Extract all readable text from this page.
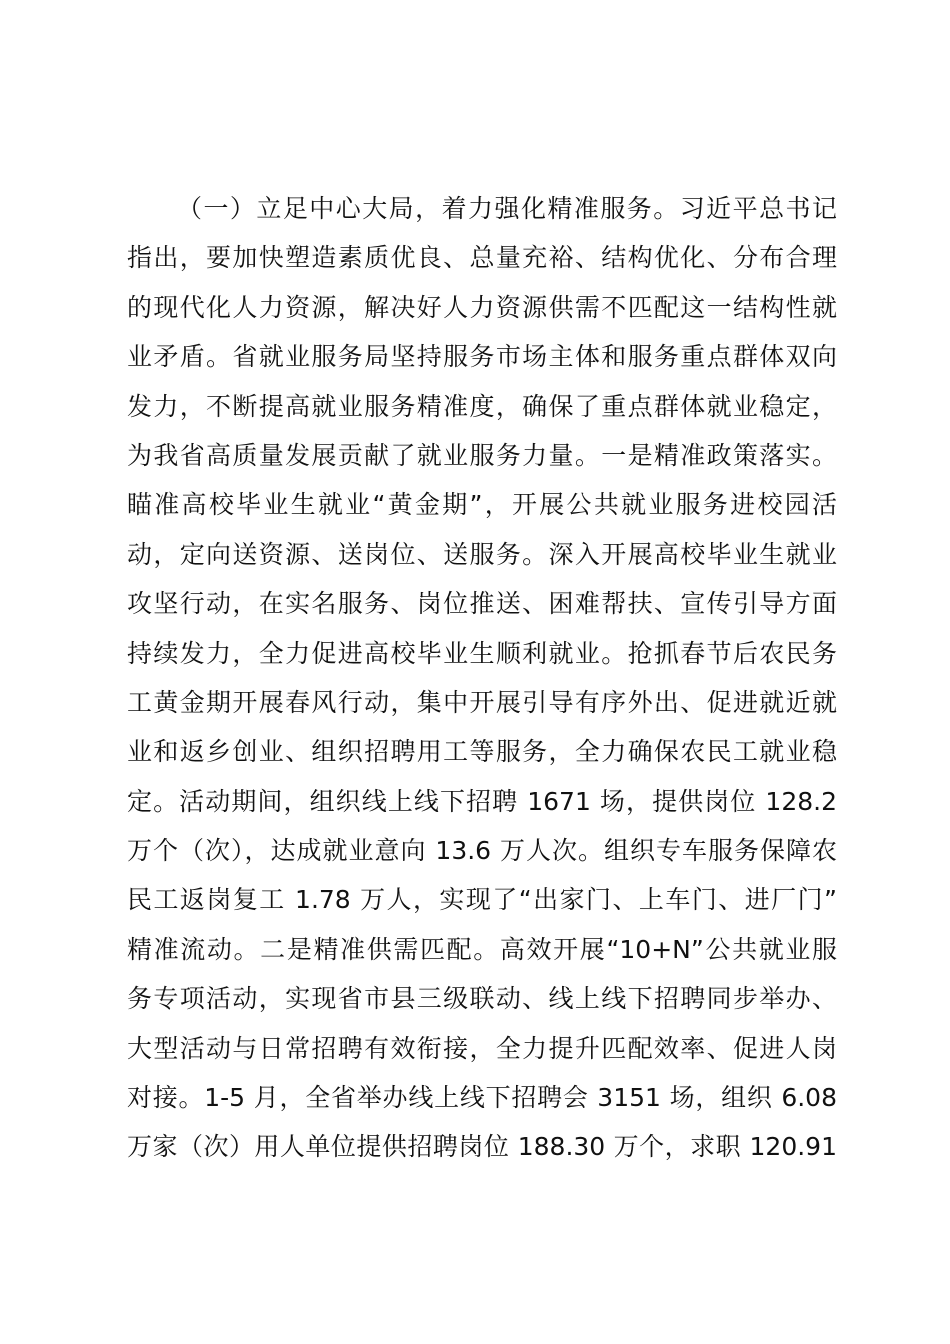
（一）立足中心大局，着力强化精准服务。习近平总书记
指出，要加快塑造素质优良、总量充裕、结构优化、分布合理
的现代化人力资源，解决好人力资源供需不匹配这一结构性就
业矛盾。省就业服务局坚持服务市场主体和服务重点群体双向
发力，不断提高就业服务精准度，确保了重点群体就业稳定，
为我省高质量发展贡献了就业服务力量。一是精准政策落实。
瞄准高校毕业生就业“黄金期”，开展公共就业服务进校园活
动，定向送资源、送岗位、送服务。深入开展高校毕业生就业
攻坚行动，在实名服务、岗位推送、困难帮扶、宣传引导方面
持续发力，全力促进高校毕业生顺利就业。抢抓春节后农民务
工黄金期开展春风行动，集中开展引导有序外出、促进就近就
业和返乡创业、组织招聘用工等服务，全力确保农民工就业稳
定。活动期间，组织线上线下招聘 1671 场，提供岗位 128.2
万个（次），达成就业意向 13.6 万人次。组织专车服务保障农
民工返岗复工 1.78 万人，实现了“出家门、上车门、进厂门”
精准流动。二是精准供需匹配。高效开展“10+N”公共就业服
务专项活动，实现省市县三级联动、线上线下招聘同步举办、
大型活动与日常招聘有效衔接，全力提升匹配效率、促进人岗
对接。1-5 月，全省举办线上线下招聘会 3151 场，组织 6.08
万家（次）用人单位提供招聘岗位 188.30 万个，求职 120.91
